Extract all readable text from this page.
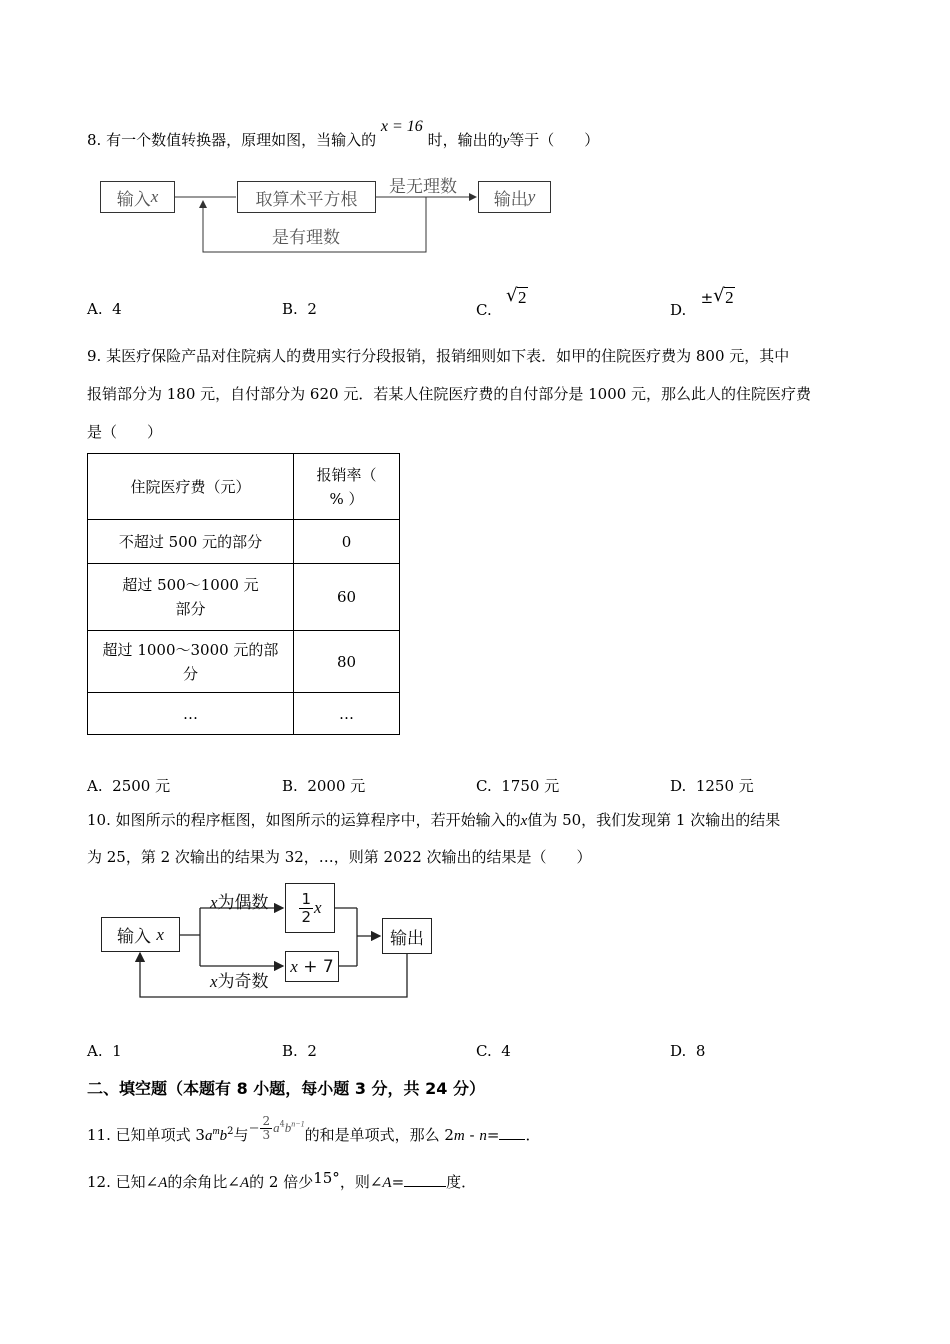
8. 有一个数值转换器，原理如图，当输入的 x = 16 时，输出的y等于（　　）
输入 x	取算术平方根
是无理数
输出 y
是有理数
A. 4	B. 2	C.
√ 2
D.   ± √ 2
9. 某医疗保险产品对住院病人的费用实行分段报销，报销细则如下表．如甲的住院医疗费为 800 元，其中
报销部分为 180 元，自付部分为 620 元．若某人住院医疗费的自付部分是 1000 元，那么此人的住院医疗费
是（　　）
住院医疗费（元）	报销率（
% ）

不超过 500 元的部分	0

超过 500～1000 元
部分	60

超过 1000～3000 元的部
分	80
…	…
A. 2500 元	B. 2000 元	C. 1750 元	D. 1250 元
10. 如图所示的程序框图，如图所示的运算程序中，若开始输入的x值为 50，我们发现第 1 次输出的结果
为 25，第 2 次输出的结果为 32，…，则第 2022 次输出的结果是（　　）
输入
x
x为偶数
x为奇数
$\frac{1}{2}$ x
x
+ 7
输出
A. 1	B. 2	C. 4	D. 8
二、填空题（本题有 8 小题，每小题 3 分，共 24 分）
11. 已知单项式 $3a^mb^2$与− $\frac{2}{3} a^4b^{n-1}$的和是单项式，那么 2m - n= ．
12. 已知∠A的余角比∠A的 2 倍少15°，则∠A=	度．
